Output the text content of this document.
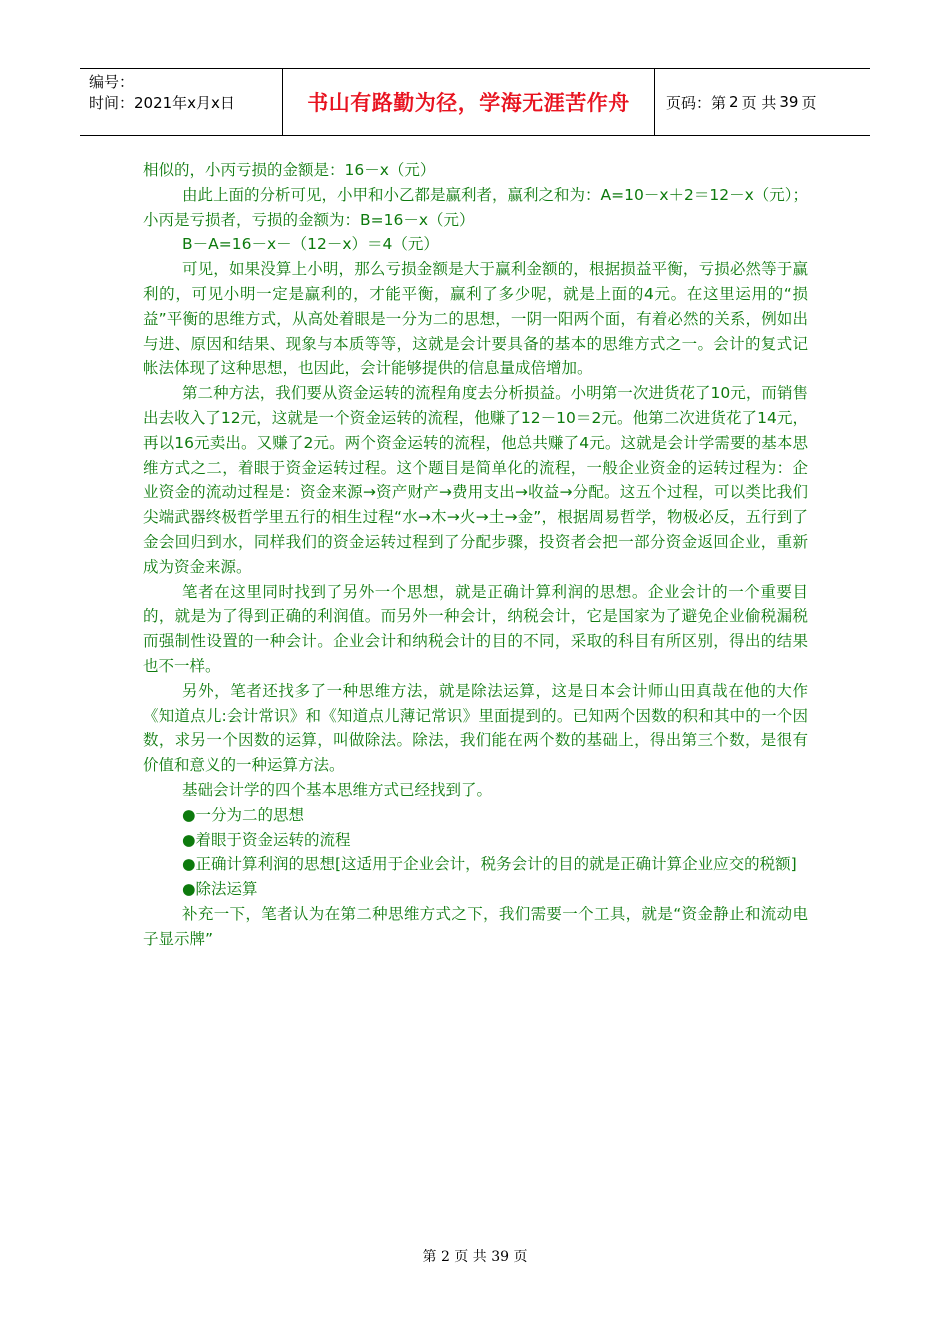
编号：
时间：2021年x月x日	书山有路勤为径，学海无涯苦作舟 页码： 第 2 页 共 39 页

相似的，小丙亏损的金额是：16－x（元）

由此上面的分析可见，小甲和小乙都是赢利者，赢利之和为：A=10－x＋2＝12－x（元）；小丙是亏损者，亏损的金额为：B=16－x（元）

B－A=16－x－（12－x）＝4（元）

可见，如果没算上小明，那么亏损金额是大于赢利金额的，根据损益平衡，亏损必然等于赢利的，可见小明一定是赢利的，才能平衡，赢利了多少呢，就是上面的4元。在这里运用的“损益”平衡的思维方式，从高处着眼是一分为二的思想，一阴一阳两个面，有着必然的关系，例如出与进、原因和结果、现象与本质等等，这就是会计要具备的基本的思维方式之一。会计的复式记帐法体现了这种思想，也因此，会计能够提供的信息量成倍增加。

第二种方法，我们要从资金运转的流程角度去分析损益。小明第一次进货花了10元，而销售出去收入了12元，这就是一个资金运转的流程，他赚了12－10＝2元。他第二次进货花了14元，再以16元卖出。又赚了2元。两个资金运转的流程，他总共赚了4元。这就是会计学需要的基本思维方式之二，着眼于资金运转过程。这个题目是简单化的流程，一般企业资金的运转过程为：企业资金的流动过程是：资金来源→资产财产→费用支出→收益→分配。这五个过程，可以类比我们尖端武器终极哲学里五行的相生过程“水→木→火→土→金”，根据周易哲学，物极必反，五行到了金会回归到水，同样我们的资金运转过程到了分配步骤，投资者会把一部分资金返回企业，重新成为资金来源。

笔者在这里同时找到了另外一个思想，就是正确计算利润的思想。企业会计的一个重要目的，就是为了得到正确的利润值。而另外一种会计，纳税会计，它是国家为了避免企业偷税漏税而强制性设置的一种会计。企业会计和纳税会计的目的不同，采取的科目有所区别，得出的结果也不一样。

另外，笔者还找多了一种思维方法，就是除法运算，这是日本会计师山田真哉在他的大作《知道点儿:会计常识》和《知道点儿薄记常识》里面提到的。已知两个因数的积和其中的一个因数，求另一个因数的运算，叫做除法。除法，我们能在两个数的基础上，得出第三个数，是很有价值和意义的一种运算方法。

基础会计学的四个基本思维方式已经找到了。

●一分为二的思想

●着眼于资金运转的流程

●正确计算利润的思想[这适用于企业会计，税务会计的目的就是正确计算企业应交的税额]

●除法运算

补充一下，笔者认为在第二种思维方式之下，我们需要一个工具，就是“资金静止和流动电子显示牌”

第 2 页 共 39 页
